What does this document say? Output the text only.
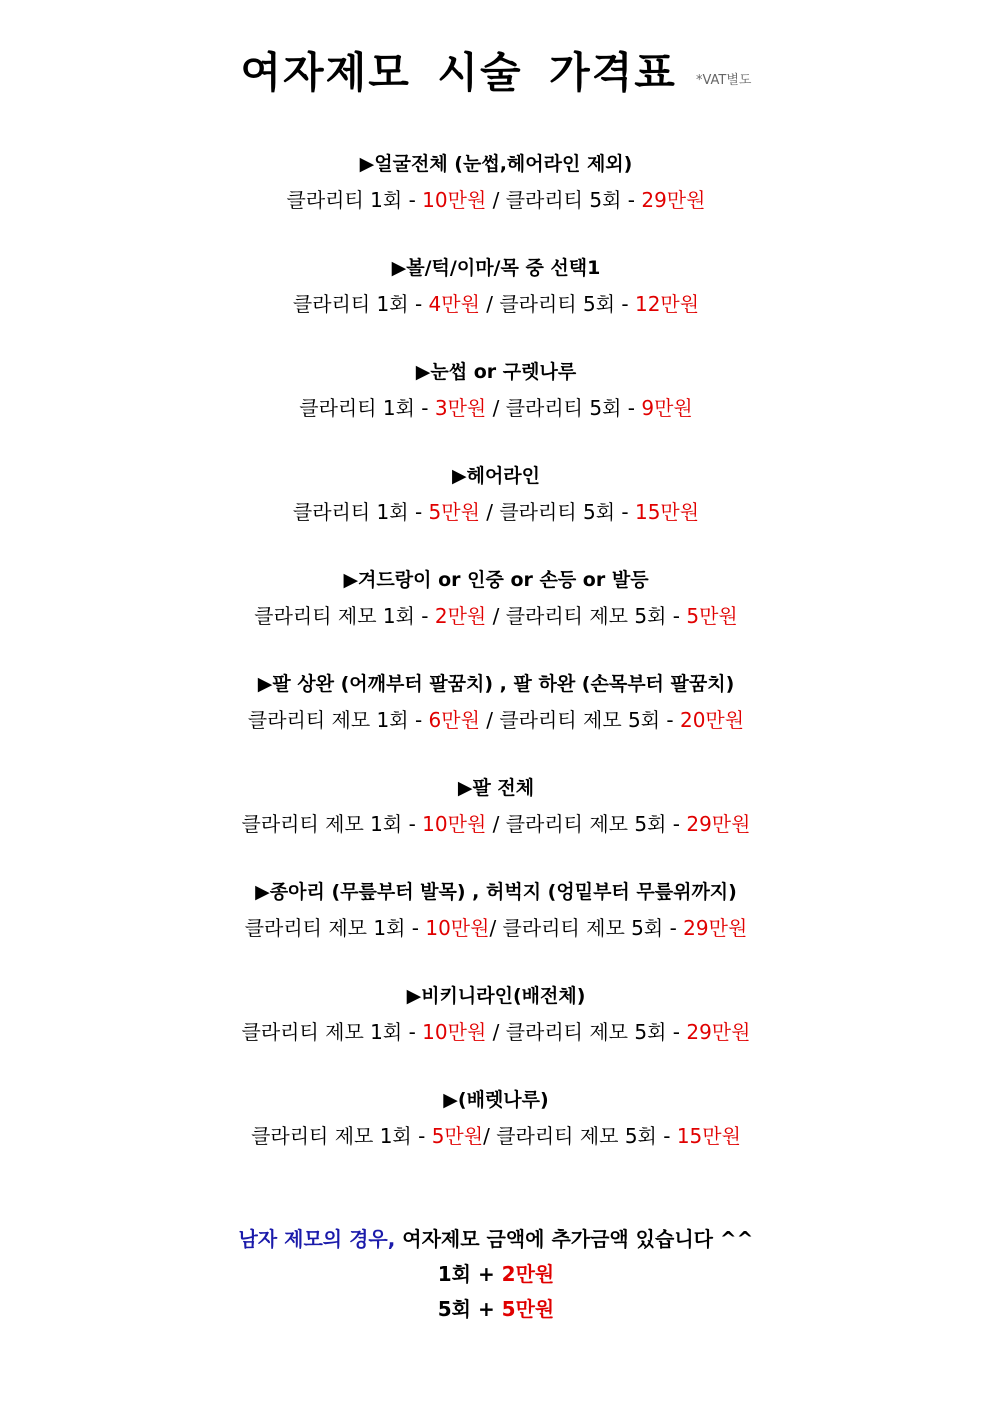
여자제모 시술 가격표 $_{*VAT별도}$
▶얼굴전체 (눈썹,헤어라인 제외)
클라리티 1회 - 10만원 / 클라리티 5회 - 29만원
▶볼/턱/이마/목 중 선택1
클라리티 1회 - 4만원 / 클라리티 5회 - 12만원
▶눈썹 or 구렛나루
클라리티 1회 - 3만원 / 클라리티 5회 - 9만원
▶헤어라인
클라리티 1회 - 5만원 / 클라리티 5회 - 15만원
▶겨드랑이 or 인중 or 손등 or 발등
클라리티 제모 1회 - 2만원 / 클라리티 제모 5회 - 5만원
▶팔 상완 (어깨부터 팔꿈치) , 팔 하완 (손목부터 팔꿈치)
클라리티 제모 1회 - 6만원 / 클라리티 제모 5회 - 20만원
▶팔 전체
클라리티 제모 1회 - 10만원 / 클라리티 제모 5회 - 29만원
▶종아리 (무릎부터 발목) , 허벅지 (엉밑부터 무릎위까지)
클라리티 제모 1회 - 10만원/ 클라리티 제모 5회 - 29만원
▶비키니라인(배전체)
클라리티 제모 1회 - 10만원 / 클라리티 제모 5회 - 29만원
▶(배렛나루)
클라리티 제모 1회 - 5만원/ 클라리티 제모 5회 - 15만원
남자 제모의 경우, 여자제모 금액에 추가금액 있습니다 ^^
1회 + 2만원
5회 + 5만원
